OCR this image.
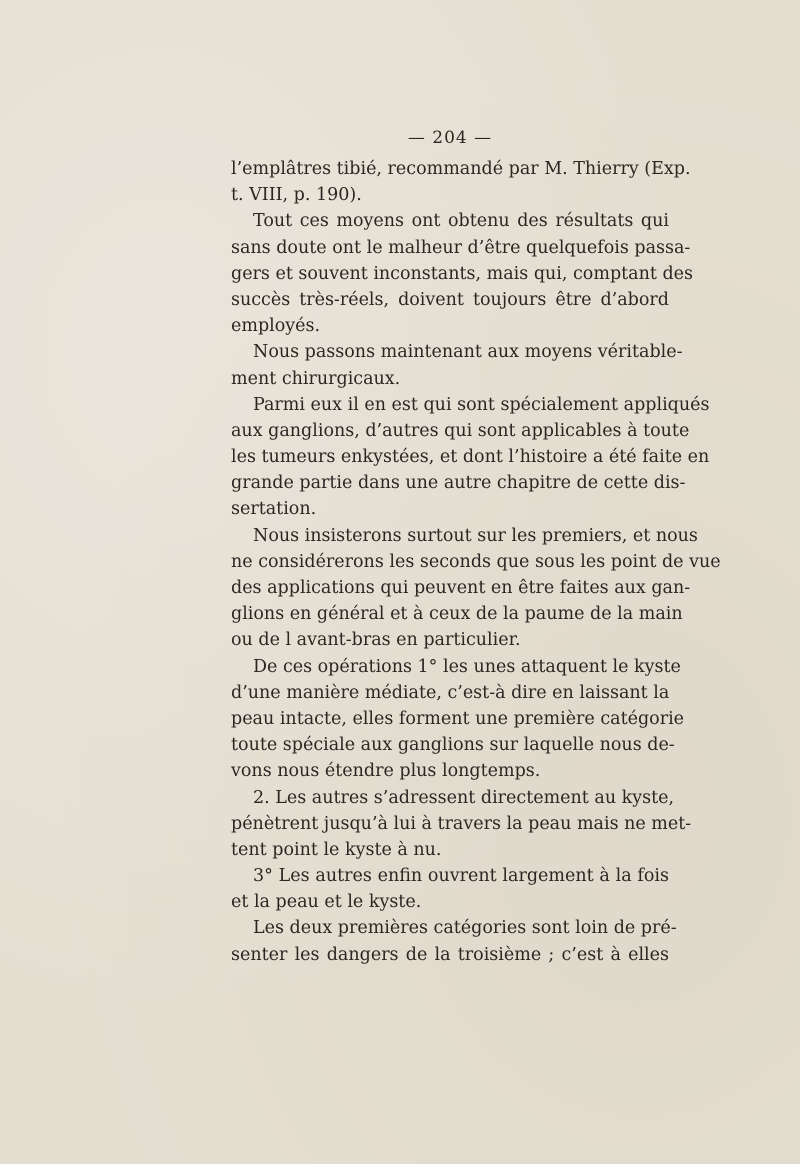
— 204 —
l’emplâtres tibié, recommandé par M. Thierry (Exp.
t. VIII, p. 190).
Tout ces moyens ont obtenu des résultats qui
sans doute ont le malheur d’être quelquefois passa-
gers et souvent inconstants, mais qui, comptant des
succès très-réels, doivent toujours être d’abord
employés.
Nous passons maintenant aux moyens véritable-
ment chirurgicaux.
Parmi eux il en est qui sont spécialement appliqués
aux ganglions, d’autres qui sont applicables à toute
les tumeurs enkystées, et dont l’histoire a été faite en
grande partie dans une autre chapitre de cette dis-
sertation.
Nous insisterons surtout sur les premiers, et nous
ne considérerons les seconds que sous les point de vue
des applications qui peuvent en être faites aux gan-
glions en général et à ceux de la paume de la main
ou de l avant-bras en particulier.
De ces opérations 1° les unes attaquent le kyste
d’une manière médiate, c’est-à dire en laissant la
peau intacte, elles forment une première catégorie
toute spéciale aux ganglions sur laquelle nous de-
vons nous étendre plus longtemps.
2. Les autres s’adressent directement au kyste,
pénètrent jusqu’à lui à travers la peau mais ne met-
tent point le kyste à nu.
3° Les autres enfin ouvrent largement à la fois
et la peau et le kyste.
Les deux premières catégories sont loin de pré-
senter les dangers de la troisième ; c’est à elles
